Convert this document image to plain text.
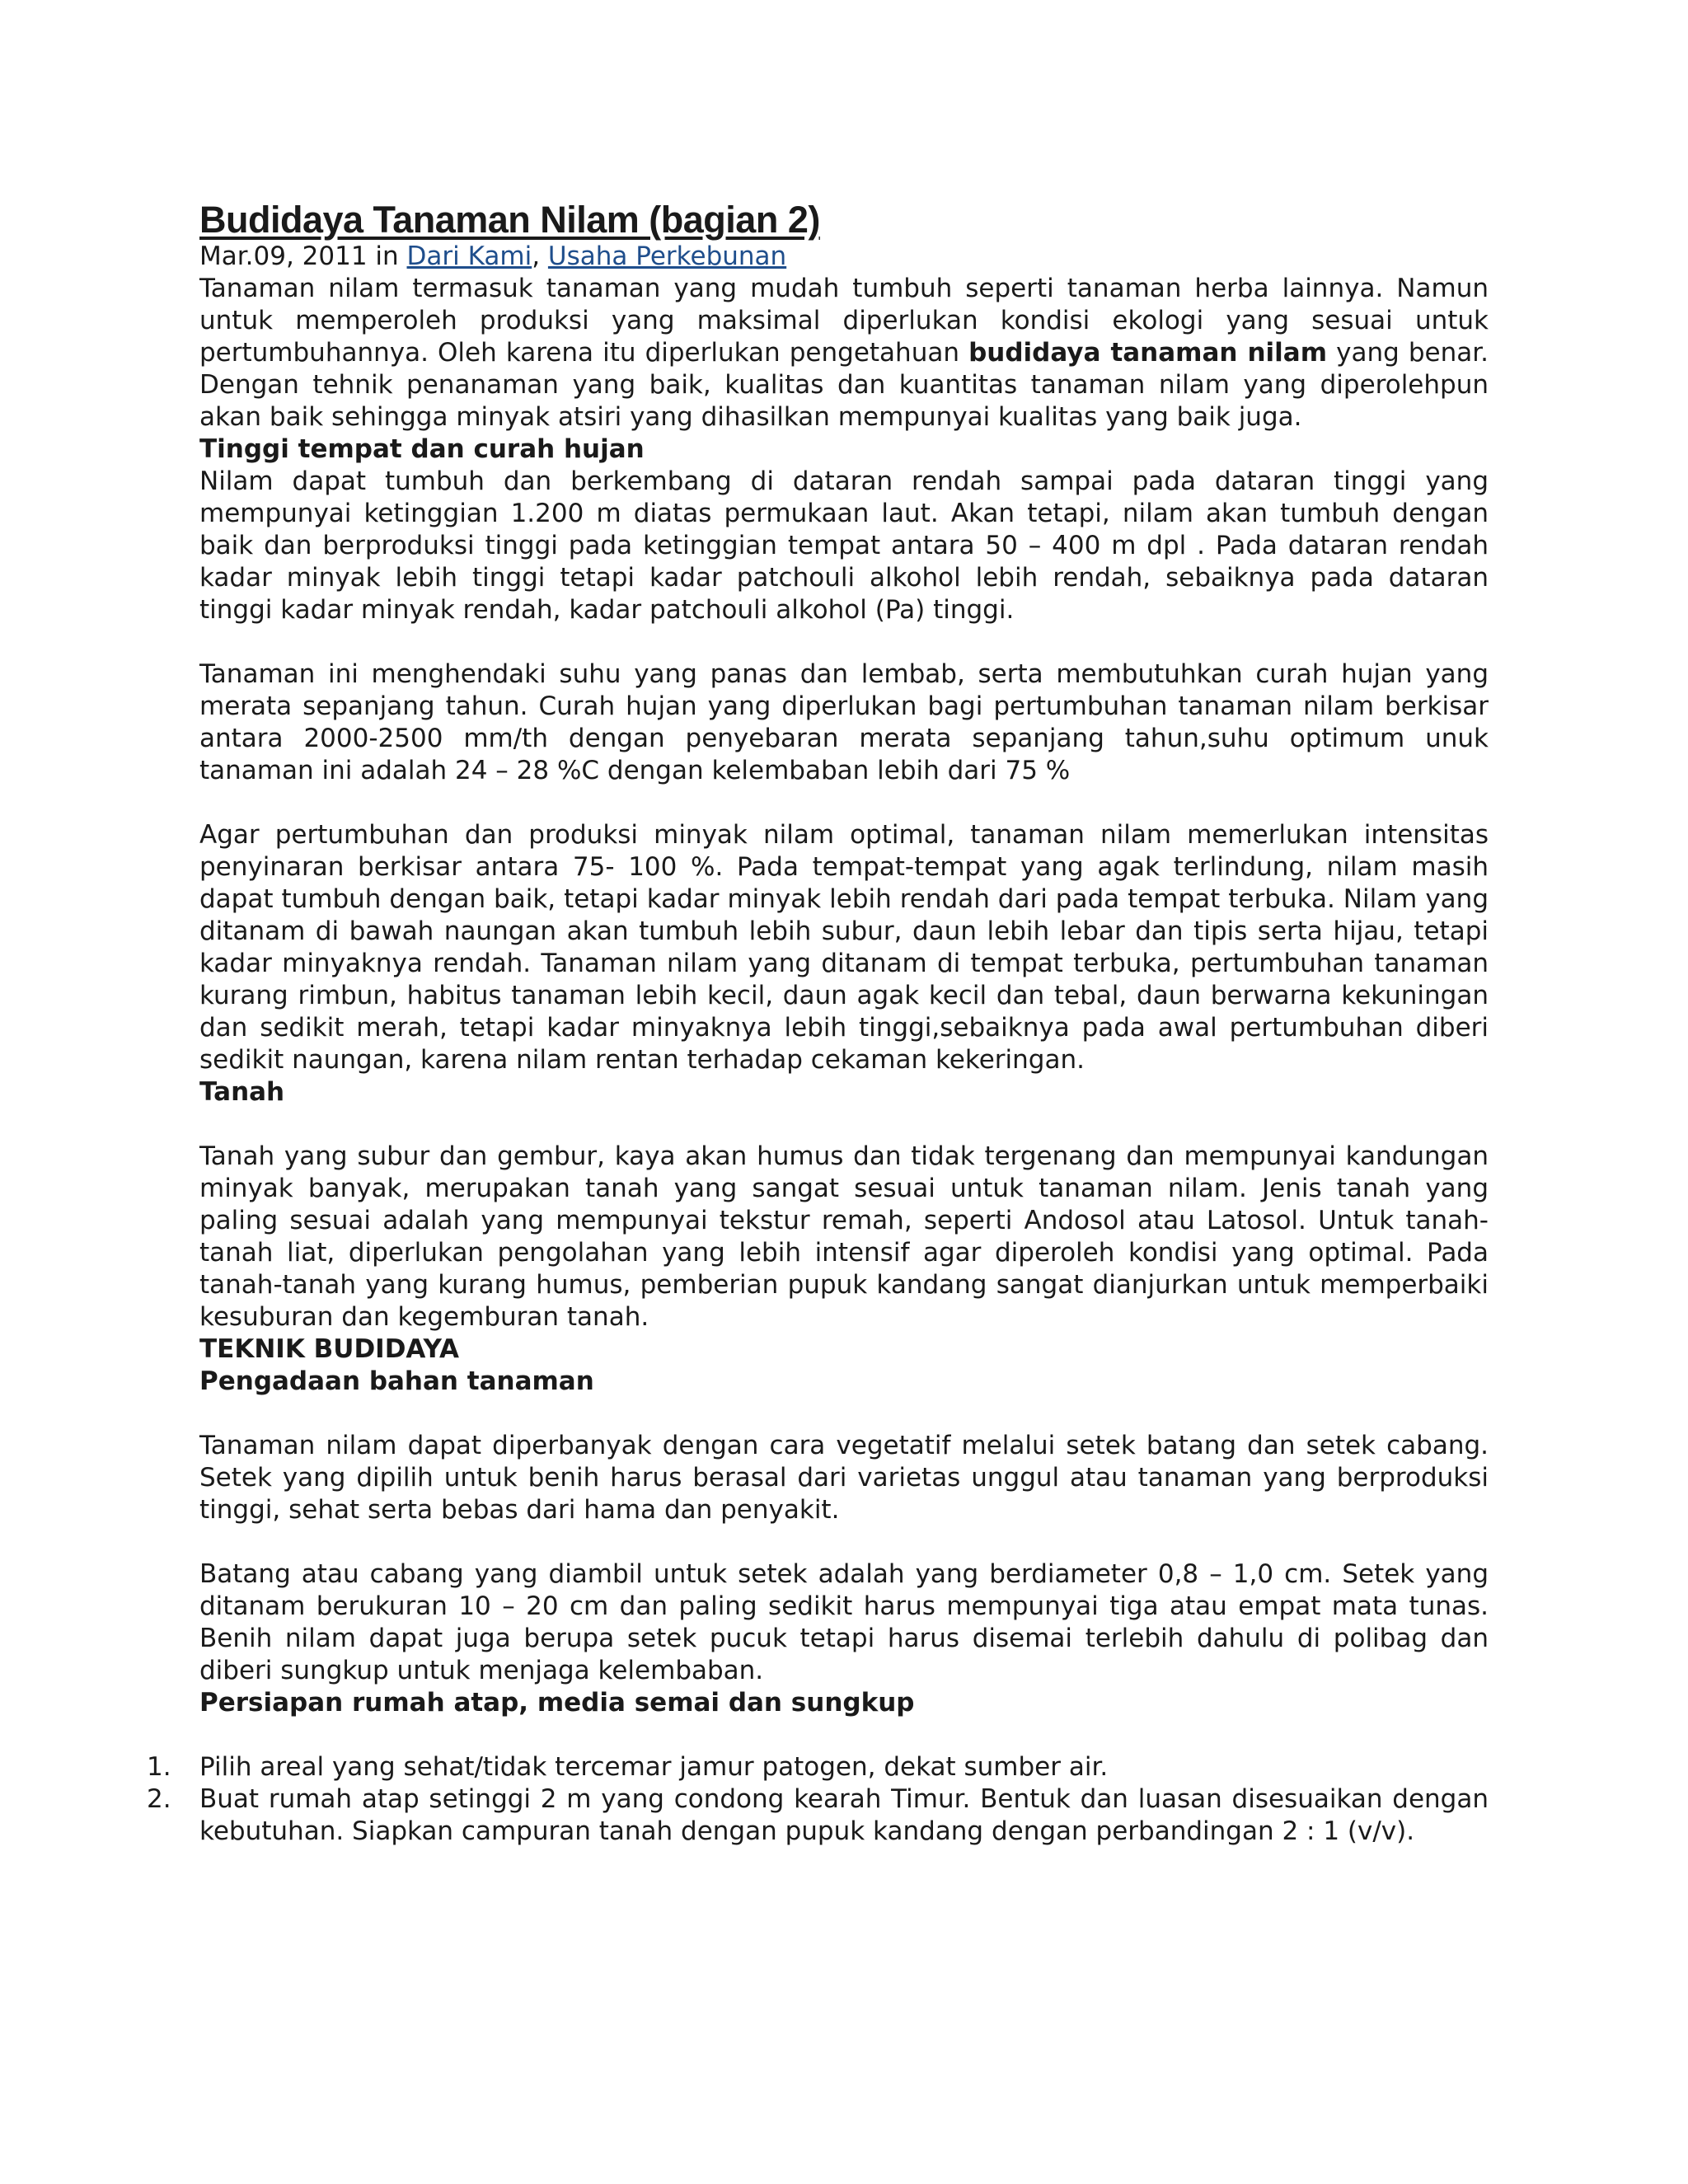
Budidaya Tanaman Nilam (bagian 2)
Mar.09, 2011 in Dari Kami, Usaha Perkebunan

Tanaman nilam termasuk tanaman yang mudah tumbuh seperti tanaman herba lainnya. Namun untuk memperoleh produksi yang maksimal diperlukan kondisi ekologi yang sesuai untuk pertumbuhannya. Oleh karena itu diperlukan pengetahuan budidaya tanaman nilam yang benar. Dengan tehnik penanaman yang baik, kualitas dan kuantitas tanaman nilam yang diperolehpun akan baik sehingga minyak atsiri yang dihasilkan mempunyai kualitas yang baik juga.

Tinggi tempat dan curah hujan

Nilam dapat tumbuh dan berkembang di dataran rendah sampai pada dataran tinggi yang mempunyai ketinggian 1.200 m diatas permukaan laut. Akan tetapi, nilam akan tumbuh dengan baik dan berproduksi tinggi pada ketinggian tempat antara 50 – 400 m dpl . Pada dataran rendah kadar minyak lebih tinggi tetapi kadar patchouli alkohol lebih rendah, sebaiknya pada dataran tinggi kadar minyak rendah, kadar patchouli alkohol (Pa) tinggi.

Tanaman ini menghendaki suhu yang panas dan lembab, serta membutuhkan curah hujan yang merata sepanjang tahun. Curah hujan yang diperlukan bagi pertumbuhan tanaman nilam berkisar antara 2000-2500 mm/th dengan penyebaran merata sepanjang tahun,suhu optimum unuk tanaman ini adalah 24 – 28 %C dengan kelembaban lebih dari 75 %

Agar pertumbuhan dan produksi minyak nilam optimal, tanaman nilam memerlukan intensitas penyinaran berkisar antara 75- 100 %. Pada tempat-tempat yang agak terlindung, nilam masih dapat tumbuh dengan baik, tetapi kadar minyak lebih rendah dari pada tempat terbuka. Nilam yang ditanam di bawah naungan akan tumbuh lebih subur, daun lebih lebar dan tipis serta hijau, tetapi kadar minyaknya rendah. Tanaman nilam yang ditanam di tempat terbuka, pertumbuhan tanaman kurang rimbun, habitus tanaman lebih kecil, daun agak kecil dan tebal, daun berwarna kekuningan dan sedikit merah, tetapi kadar minyaknya lebih tinggi,sebaiknya pada awal pertumbuhan diberi sedikit naungan, karena nilam rentan terhadap cekaman kekeringan.

Tanah

Tanah yang subur dan gembur, kaya akan humus dan tidak tergenang dan mempunyai kandungan minyak banyak, merupakan tanah yang sangat sesuai untuk tanaman nilam. Jenis tanah yang paling sesuai adalah yang mempunyai tekstur remah, seperti Andosol atau Latosol. Untuk tanah-tanah liat, diperlukan pengolahan yang lebih intensif agar diperoleh kondisi yang optimal. Pada tanah-tanah yang kurang humus, pemberian pupuk kandang sangat dianjurkan untuk memperbaiki kesuburan dan kegemburan tanah.

TEKNIK BUDIDAYA
Pengadaan bahan tanaman

Tanaman nilam dapat diperbanyak dengan cara vegetatif melalui setek batang dan setek cabang. Setek yang dipilih untuk benih harus berasal dari varietas unggul atau tanaman yang berproduksi tinggi, sehat serta bebas dari hama dan penyakit.

Batang atau cabang yang diambil untuk setek adalah yang berdiameter 0,8 – 1,0 cm. Setek yang ditanam berukuran 10 – 20 cm dan paling sedikit harus mempunyai tiga atau empat mata tunas. Benih nilam dapat juga berupa setek pucuk tetapi harus disemai terlebih dahulu di polibag dan diberi sungkup untuk menjaga kelembaban.

Persiapan rumah atap, media semai dan sungkup
1. Pilih areal yang sehat/tidak tercemar jamur patogen, dekat sumber air.
2. Buat rumah atap setinggi 2 m yang condong kearah Timur. Bentuk dan luasan disesuaikan dengan kebutuhan. Siapkan campuran tanah dengan pupuk kandang dengan perbandingan 2 : 1 (v/v).
